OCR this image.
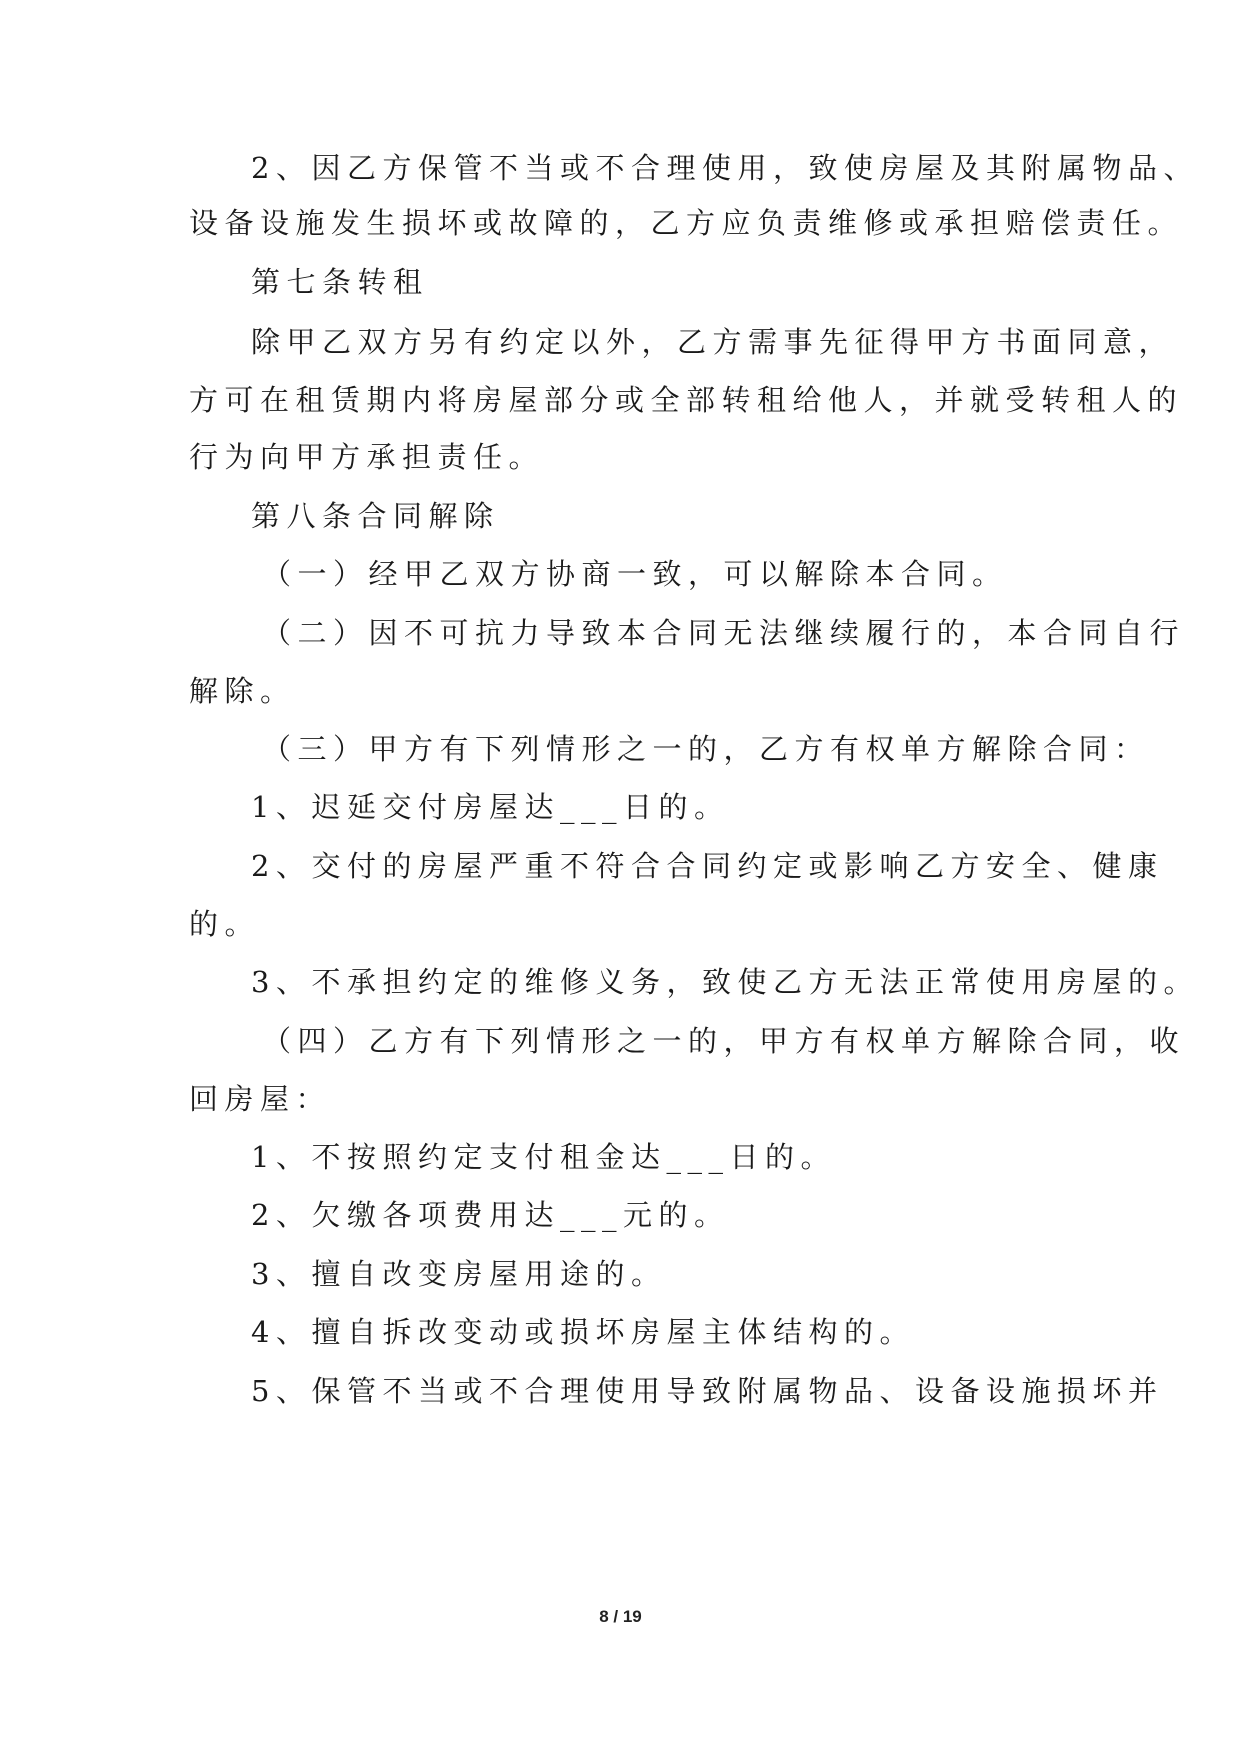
2、因乙方保管不当或不合理使用，致使房屋及其附属物品、
设备设施发生损坏或故障的，乙方应负责维修或承担赔偿责任。
第七条转租
除甲乙双方另有约定以外，乙方需事先征得甲方书面同意，
方可在租赁期内将房屋部分或全部转租给他人，并就受转租人的
行为向甲方承担责任。
第八条合同解除
（一）经甲乙双方协商一致，可以解除本合同。
（二）因不可抗力导致本合同无法继续履行的，本合同自行
解除。
（三）甲方有下列情形之一的，乙方有权单方解除合同：
1、迟延交付房屋达___日的。
2、交付的房屋严重不符合合同约定或影响乙方安全、健康
的。
3、不承担约定的维修义务，致使乙方无法正常使用房屋的。
（四）乙方有下列情形之一的，甲方有权单方解除合同，收
回房屋：
1、不按照约定支付租金达___日的。
2、欠缴各项费用达___元的。
3、擅自改变房屋用途的。
4、擅自拆改变动或损坏房屋主体结构的。
5、保管不当或不合理使用导致附属物品、设备设施损坏并
8 / 19
